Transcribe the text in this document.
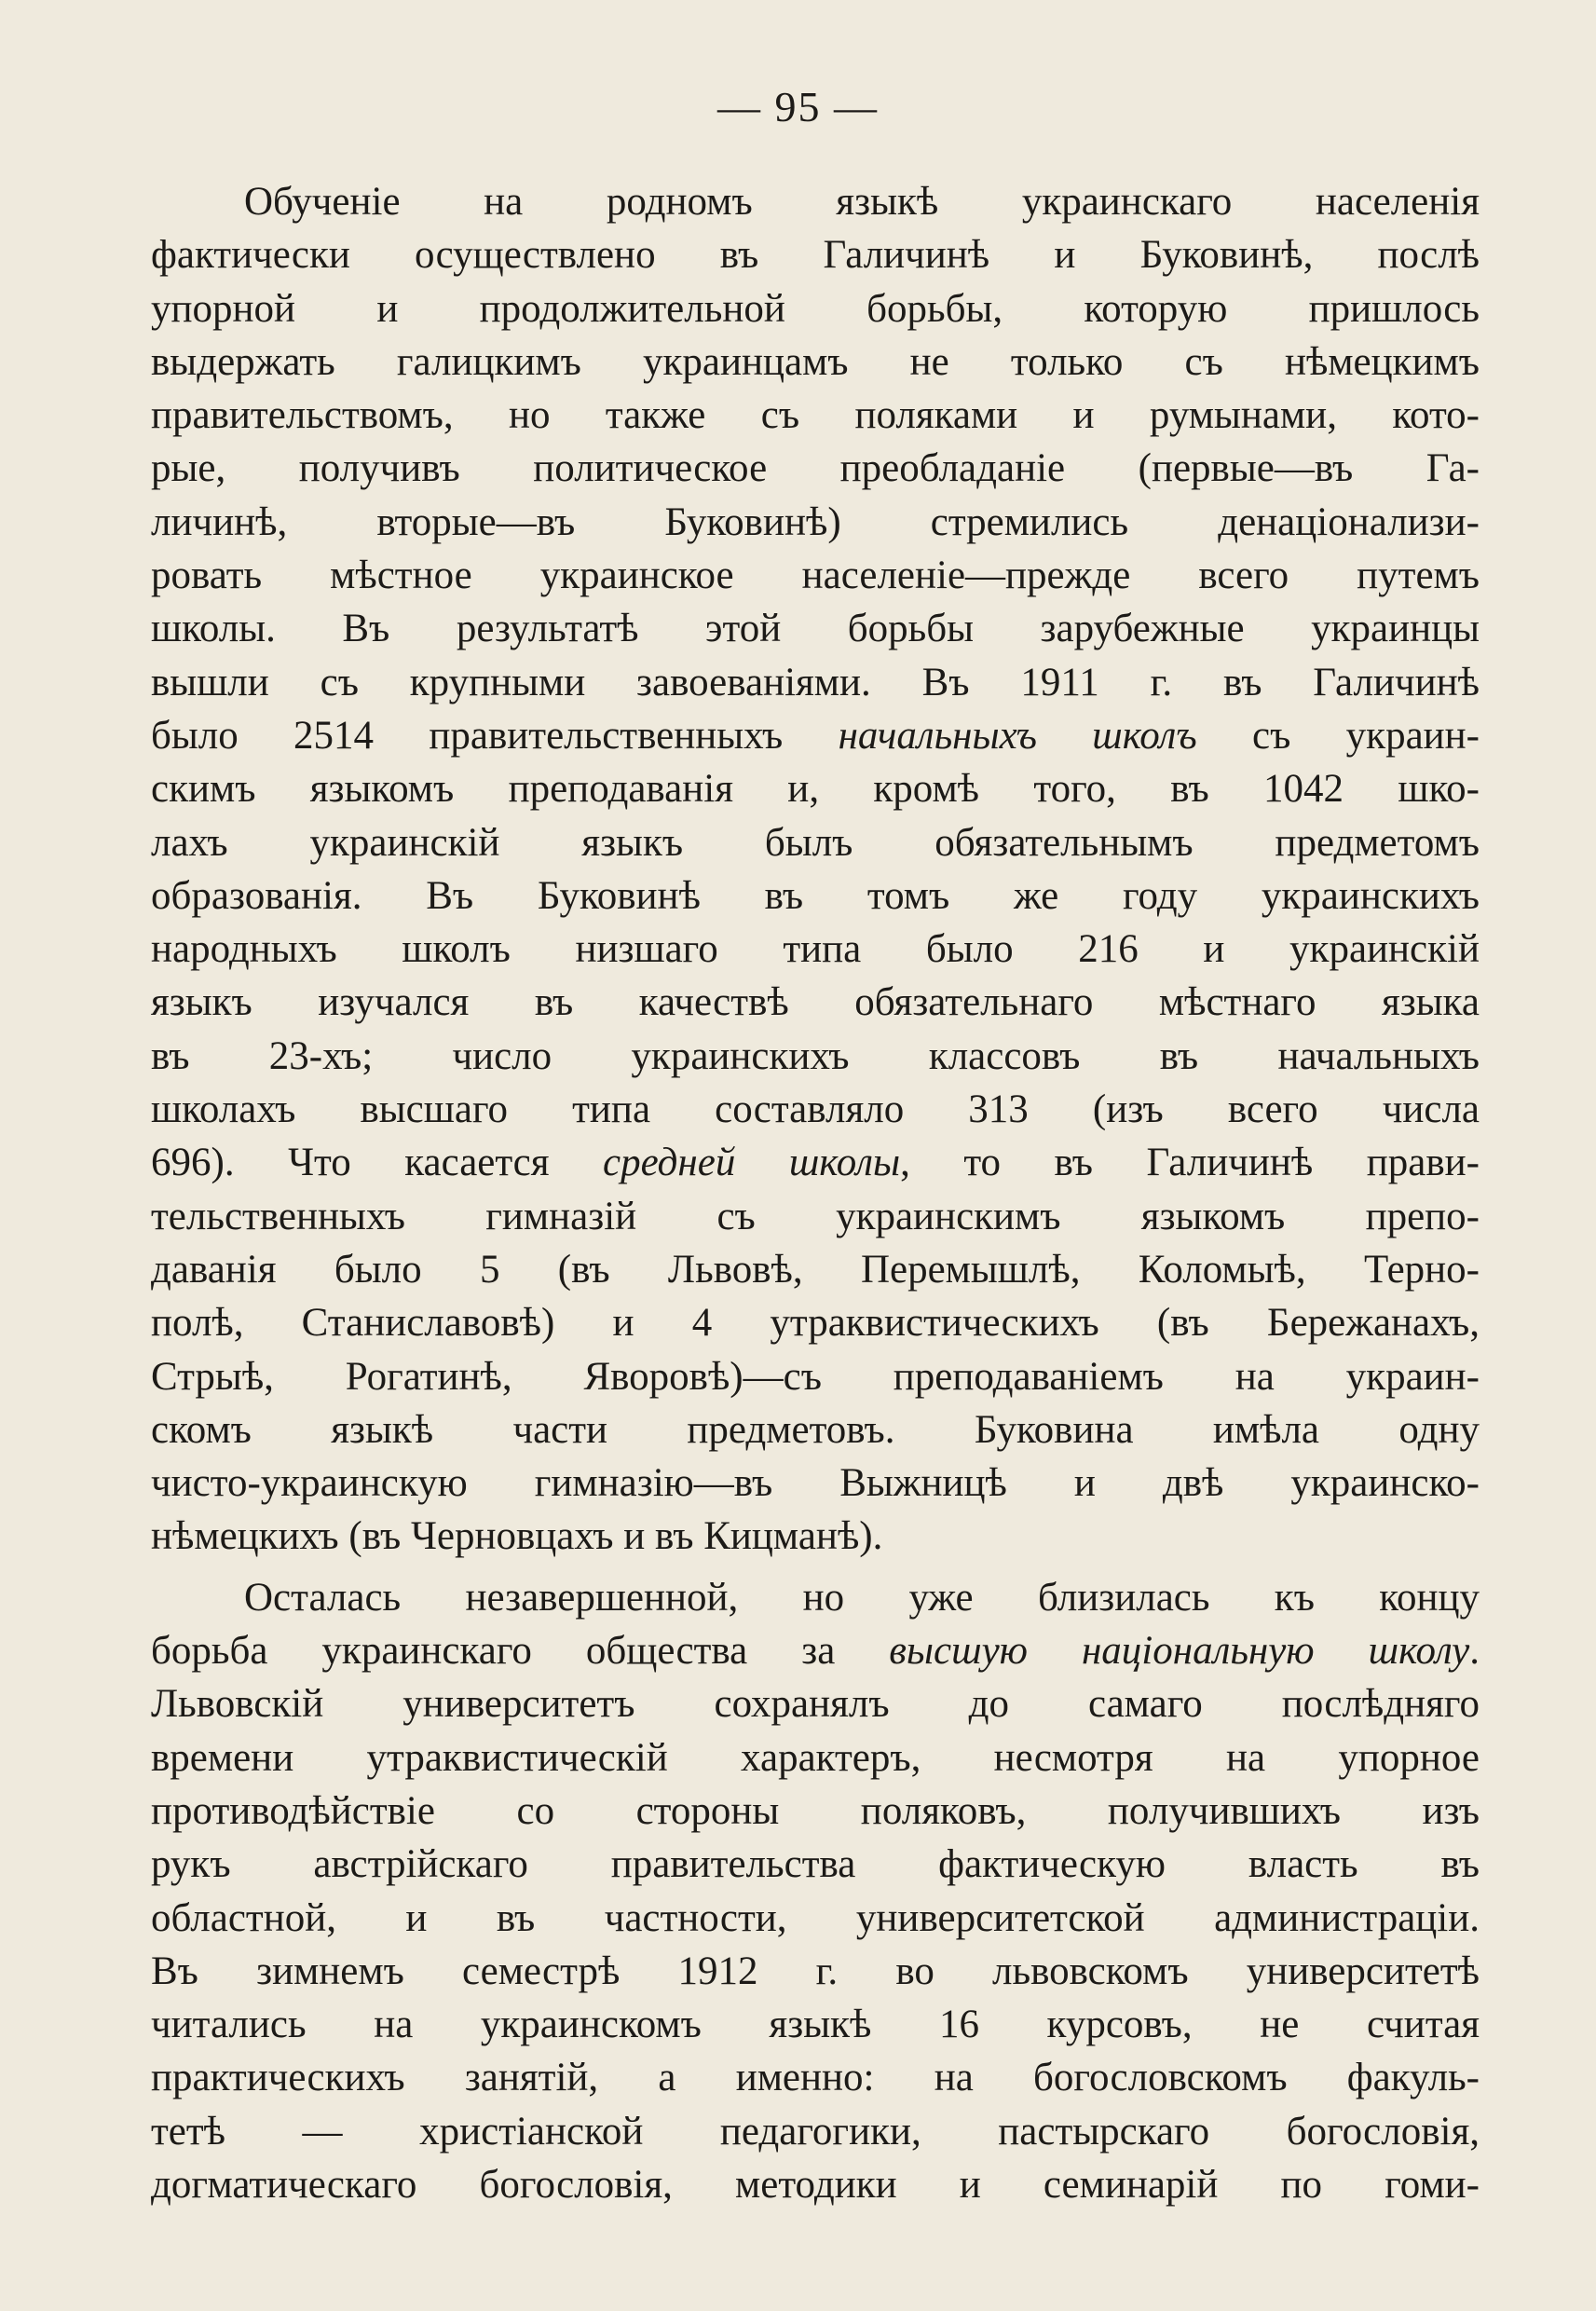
— 95 —
Обученіе на родномъ языкѣ украинскаго населенія
фактически осуществлено въ Галичинѣ и Буковинѣ, послѣ
упорной и продолжительной борьбы, которую пришлось
выдержать галицкимъ украинцамъ не только съ нѣмецкимъ
правительствомъ, но также съ поляками и румынами, кото-
рые, получивъ политическое преобладаніе (первые—въ Га-
личинѣ, вторые—въ Буковинѣ) стремились денаціонализи-
ровать мѣстное украинское населеніе—прежде всего путемъ
школы. Въ результатѣ этой борьбы зарубежные украинцы
вышли съ крупными завоеваніями. Въ 1911 г. въ Галичинѣ
было 2514 правительственныхъ начальныхъ школъ съ украин-
скимъ языкомъ преподаванія и, кромѣ того, въ 1042 шко-
лахъ украинскій языкъ былъ обязательнымъ предметомъ
образованія. Въ Буковинѣ въ томъ же году украинскихъ
народныхъ школъ низшаго типа было 216 и украинскій
языкъ изучался въ качествѣ обязательнаго мѣстнаго языка
въ 23-хъ; число украинскихъ классовъ въ начальныхъ
школахъ высшаго типа составляло 313 (изъ всего числа
696). Что касается средней школы, то въ Галичинѣ прави-
тельственныхъ гимназій съ украинскимъ языкомъ препо-
даванія было 5 (въ Львовѣ, Перемышлѣ, Коломыѣ, Терно-
полѣ, Станиславовѣ) и 4 утраквистическихъ (въ Бережанахъ,
Стрыѣ, Рогатинѣ, Яворовѣ)—съ преподаваніемъ на украин-
скомъ языкѣ части предметовъ. Буковина имѣла одну
чисто-украинскую гимназію—въ Выжницѣ и двѣ украинско-
нѣмецкихъ (въ Черновцахъ и въ Кицманѣ).
Осталась незавершенной, но уже близилась къ концу
борьба украинскаго общества за высшую національную школу.
Львовскій университетъ сохранялъ до самаго послѣдняго
времени утраквистическій характеръ, несмотря на упорное
противодѣйствіе со стороны поляковъ, получившихъ изъ
рукъ австрійскаго правительства фактическую власть въ
областной, и въ частности, университетской администраціи.
Въ зимнемъ семестрѣ 1912 г. во львовскомъ университетѣ
читались на украинскомъ языкѣ 16 курсовъ, не считая
практическихъ занятій, а именно: на богословскомъ факуль-
тетѣ — христіанской педагогики, пастырскаго богословія,
догматическаго богословія, методики и семинарій по гоми-
